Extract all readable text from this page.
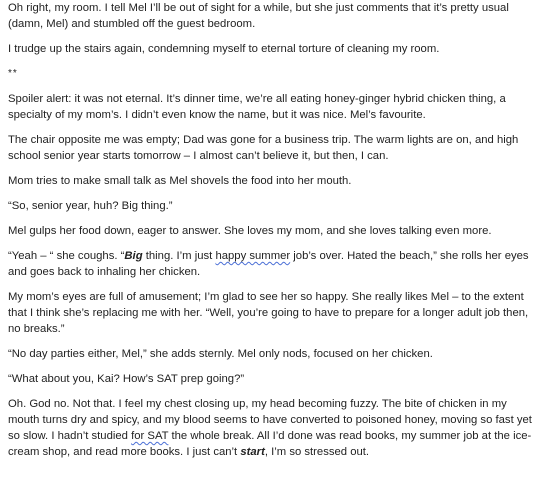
Oh right, my room. I tell Mel I’ll be out of sight for a while, but she just comments that it’s pretty usual (damn, Mel) and stumbled off the guest bedroom.

I trudge up the stairs again, condemning myself to eternal torture of cleaning my room.

**

Spoiler alert: it was not eternal. It’s dinner time, we’re all eating honey-ginger hybrid chicken thing, a specialty of my mom’s. I didn’t even know the name, but it was nice. Mel’s favourite.

The chair opposite me was empty; Dad was gone for a business trip. The warm lights are on, and high school senior year starts tomorrow – I almost can’t believe it, but then, I can.

Mom tries to make small talk as Mel shovels the food into her mouth.

“So, senior year, huh? Big thing.”

Mel gulps her food down, eager to answer. She loves my mom, and she loves talking even more.

“Yeah – “ she coughs. “Big thing. I’m just happy summer job’s over. Hated the beach,” she rolls her eyes and goes back to inhaling her chicken.

My mom’s eyes are full of amusement; I’m glad to see her so happy. She really likes Mel – to the extent that I think she’s replacing me with her. “Well, you’re going to have to prepare for a longer adult job then, no breaks.”

“No day parties either, Mel,” she adds sternly. Mel only nods, focused on her chicken.

“What about you, Kai? How’s SAT prep going?”

Oh. God no. Not that. I feel my chest closing up, my head becoming fuzzy. The bite of chicken in my mouth turns dry and spicy, and my blood seems to have converted to poisoned honey, moving so fast yet so slow. I hadn’t studied for SAT the whole break. All I’d done was read books, my summer job at the ice-cream shop, and read more books. I just can’t start, I’m so stressed out.
